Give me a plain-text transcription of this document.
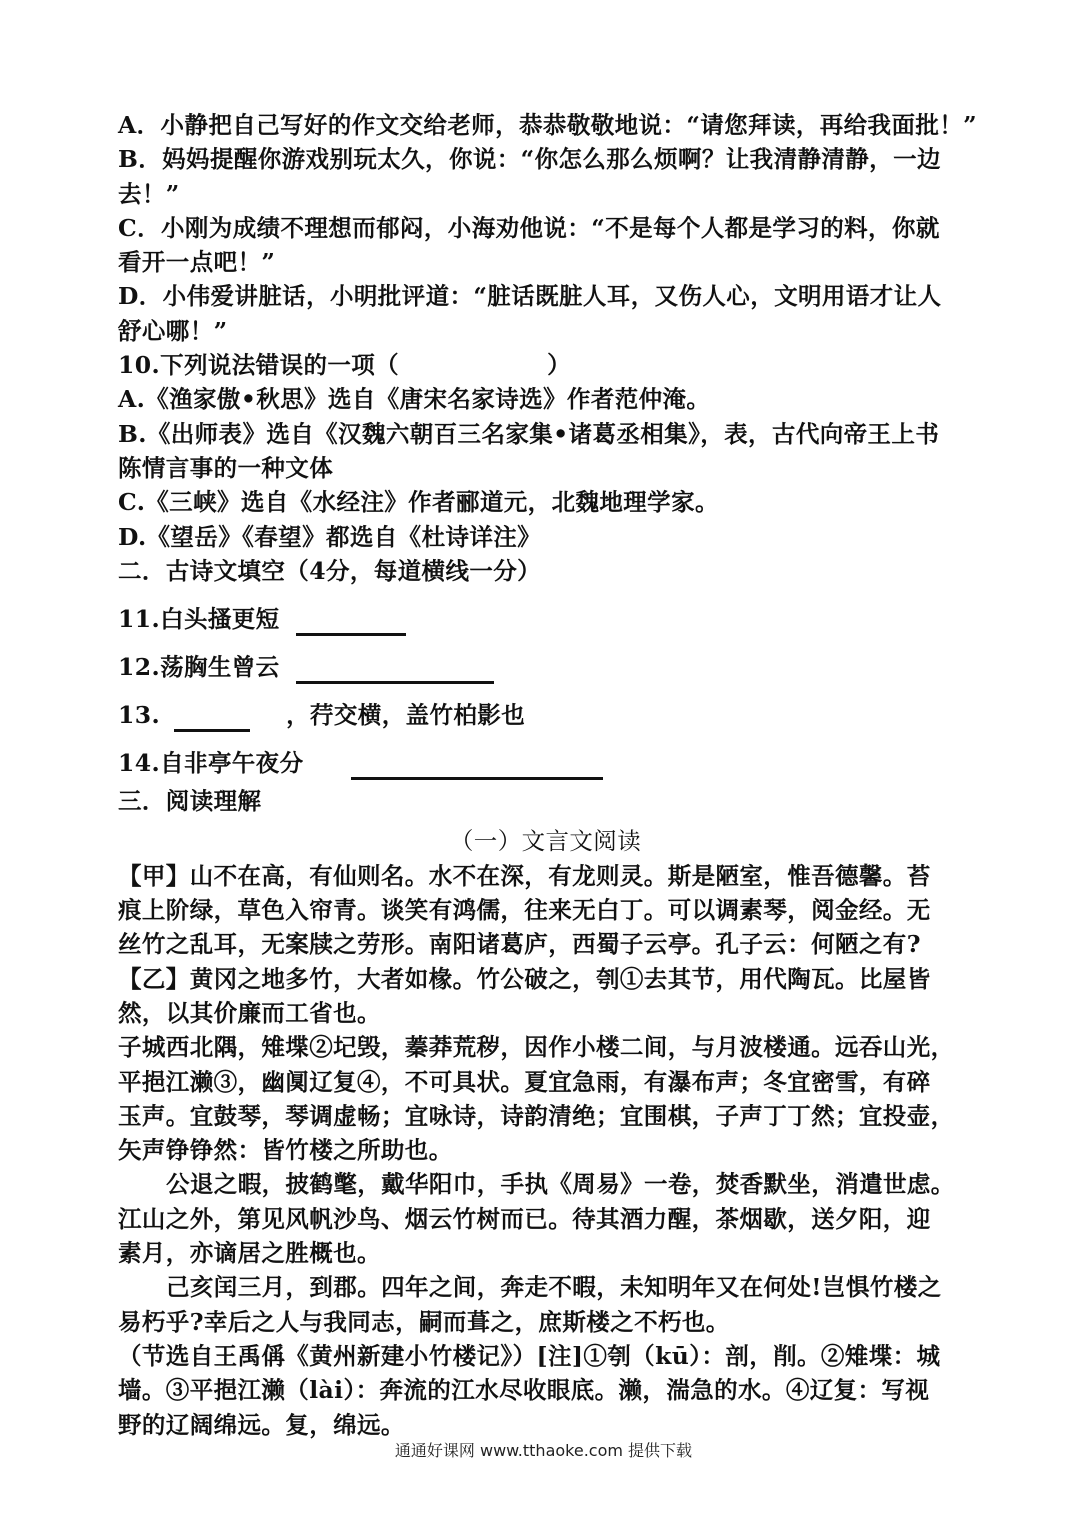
A．小静把自己写好的作文交给老师，恭恭敬敬地说：“请您拜读，再给我面批！”
B．妈妈提醒你游戏别玩太久，你说：“你怎么那么烦啊？让我清静清静，一边
去！”
C．小刚为成绩不理想而郁闷，小海劝他说：“不是每个人都是学习的料，你就
看开一点吧！”
D．小伟爱讲脏话，小明批评道：“脏话既脏人耳，又伤人心，文明用语才让人
舒心哪！”
10.下列说法错误的一项（	）
A.《渔家傲•秋思》选自《唐宋名家诗选》作者范仲淹。
B.《出师表》选自《汉魏六朝百三名家集•诸葛丞相集》，表，古代向帝王上书
陈情言事的一种文体
C.《三峡》选自《水经注》作者郦道元，北魏地理学家。
D.《望岳》《春望》都选自《杜诗详注》
二．古诗文填空（4分，每道横线一分）
11.白头搔更短
12.荡胸生曾云
13.	，荇交横，盖竹柏影也
14.自非亭午夜分
三．阅读理解
（一）文言文阅读
【甲】山不在高，有仙则名。水不在深，有龙则灵。斯是陋室，惟吾德馨。苔
痕上阶绿，草色入帘青。谈笑有鸿儒，往来无白丁。可以调素琴，阅金经。无
丝竹之乱耳，无案牍之劳形。南阳诸葛庐，西蜀子云亭。孔子云：何陋之有?
【乙】黄冈之地多竹，大者如椽。竹公破之，刳①去其节，用代陶瓦。比屋皆
然，以其价廉而工省也。
子城西北隅，雉堞②圮毁，蓁莽荒秽，因作小楼二间，与月波楼通。远吞山光，
平挹江濑③，幽阒辽复④，不可具状。夏宜急雨，有瀑布声；冬宜密雪，有碎
玉声。宜鼓琴，琴调虚畅；宜咏诗，诗韵清绝；宜围棋，子声丁丁然；宜投壶，
矢声铮铮然：皆竹楼之所助也。
公退之暇，披鹤氅，戴华阳巾，手执《周易》一卷，焚香默坐，消遣世虑。
江山之外，第见风帆沙鸟、烟云竹树而已。待其酒力醒，茶烟歇，送夕阳，迎
素月，亦谪居之胜概也。
己亥闰三月，到郡。四年之间，奔走不暇，未知明年又在何处!岂惧竹楼之
易朽乎?幸后之人与我同志，嗣而葺之，庶斯楼之不朽也。
（节选自王禹偁《黄州新建小竹楼记》）[注]①刳（kū）：剖，削。②雉堞：城
墙。③平挹江濑（lài）：奔流的江水尽收眼底。濑，湍急的水。④辽复：写视
野的辽阔绵远。复，绵远。
通通好课网 www.tthaoke.com 提供下载
